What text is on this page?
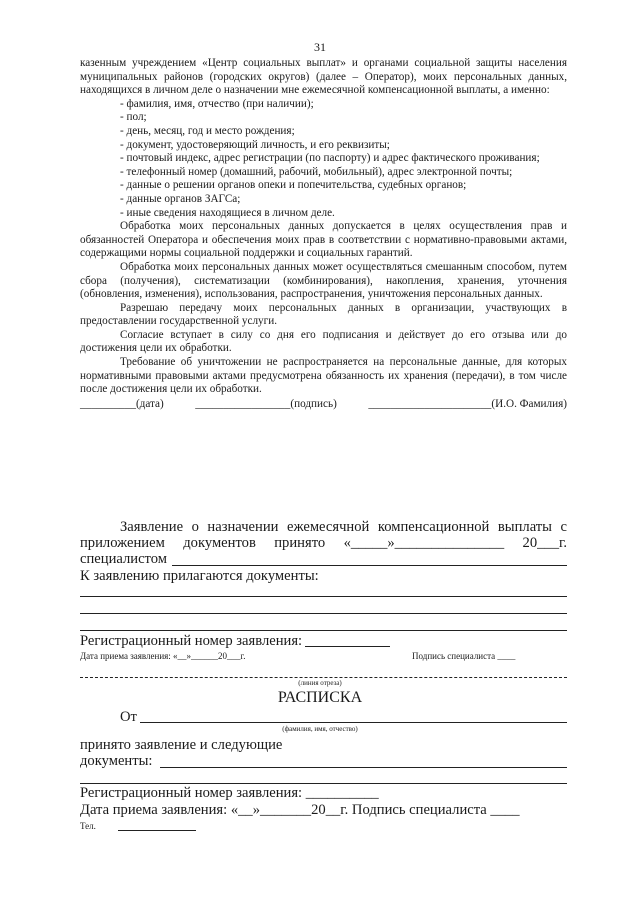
31

казенным учреждением «Центр социальных выплат» и органами социальной защиты населения муниципальных районов (городских округов) (далее – Оператор), моих персональных данных, находящихся в личном деле о назначении мне ежемесячной компенсационной выплаты, а именно:

- фамилия, имя, отчество (при наличии);

- пол;

- день, месяц, год и место рождения;

- документ, удостоверяющий личность, и его реквизиты;

- почтовый индекс, адрес регистрации (по паспорту) и адрес фактического проживания;

- телефонный номер (домашний, рабочий, мобильный), адрес электронной почты;

- данные о решении органов опеки и попечительства, судебных органов;

- данные органов ЗАГСа;

- иные сведения находящиеся в личном деле.

Обработка моих персональных данных допускается в целях осуществления прав и обязанностей Оператора и обеспечения моих прав в соответствии с нормативно-правовыми актами, содержащими нормы социальной поддержки и социальных гарантий.

Обработка моих персональных данных может осуществляться смешанным способом, путем сбора (получения), систематизации (комбинирования), накопления, хранения, уточнения (обновления, изменения), использования, распространения, уничтожения персональных данных.

Разрешаю передачу моих персональных данных в организации, участвующих в предоставлении государственной услуги.

Согласие вступает в силу со дня его подписания и действует до его отзыва или до достижения цели их обработки.

Требование об уничтожении не распространяется на персональные данные, для которых нормативными правовыми актами предусмотрена обязанность их хранения (передачи), в том числе после достижения цели их обработки.

__________(дата)	_________________(подпись)	______________________(И.О. Фамилия)
Заявление о назначении ежемесячной компенсационной выплаты с
приложением документов принято «_____»_______________ 20___г.
специалистом
К заявлению прилагаются документы:
Регистрационный номер заявления:
Дата приема заявления: «__»______20___г.	Подпись специалиста ____
(линия отреза)
РАСПИСКА
От
(фамилия, имя, отчество)
принято заявление и следующие
документы:
Регистрационный номер заявления: __________
Дата приема заявления: «__»_______20__г. Подпись специалиста ____
Тел.
